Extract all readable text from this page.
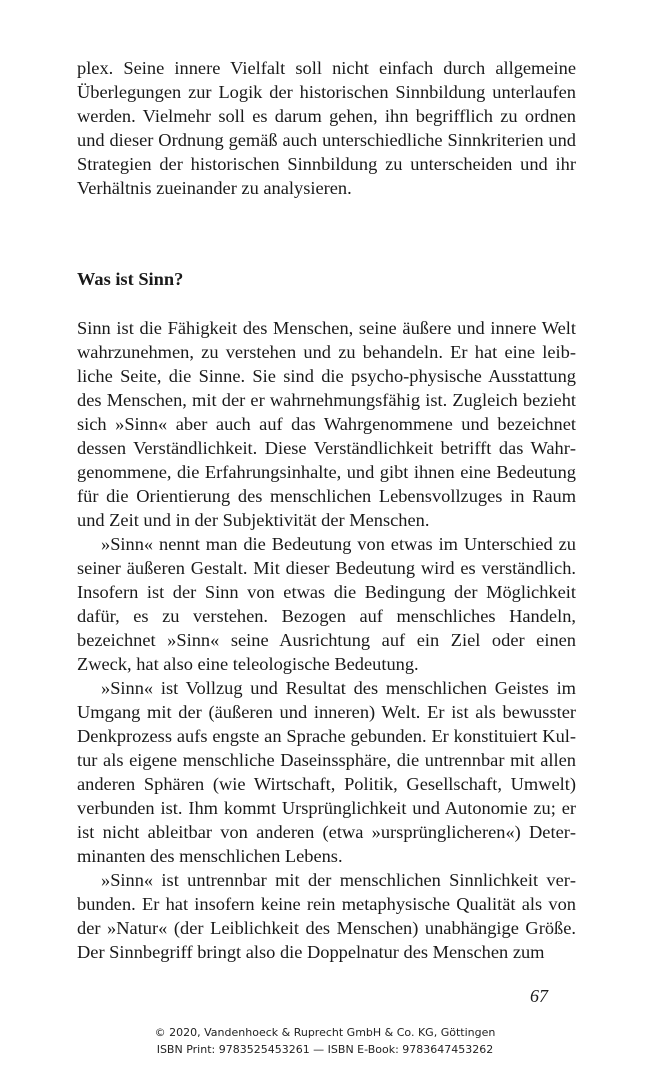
plex. Seine innere Vielfalt soll nicht einfach durch allgemeine Überlegungen zur Logik der historischen Sinnbildung unterlaufen werden. Vielmehr soll es darum gehen, ihn begrifflich zu ordnen und dieser Ordnung gemäß auch unterschiedliche Sinnkriterien und Strategien der historischen Sinnbildung zu unterscheiden und ihr Verhältnis zueinander zu analysieren.

Was ist Sinn?

Sinn ist die Fähigkeit des Menschen, seine äußere und innere Welt wahrzunehmen, zu verstehen und zu behandeln. Er hat eine leibliche Seite, die Sinne. Sie sind die psycho-physische Ausstattung des Menschen, mit der er wahrnehmungsfähig ist. Zugleich bezieht sich »Sinn« aber auch auf das Wahrgenommene und bezeichnet dessen Verständlichkeit. Diese Verständlichkeit betrifft das Wahrgenommene, die Erfahrungsinhalte, und gibt ihnen eine Bedeutung für die Orientierung des menschlichen Lebensvollzuges in Raum und Zeit und in der Subjektivität der Menschen.

»Sinn« nennt man die Bedeutung von etwas im Unterschied zu seiner äußeren Gestalt. Mit dieser Bedeutung wird es verständlich. Insofern ist der Sinn von etwas die Bedingung der Möglichkeit dafür, es zu verstehen. Bezogen auf menschliches Handeln, bezeichnet »Sinn« seine Ausrichtung auf ein Ziel oder einen Zweck, hat also eine teleologische Bedeutung.

»Sinn« ist Vollzug und Resultat des menschlichen Geistes im Umgang mit der (äußeren und inneren) Welt. Er ist als bewusster Denkprozess aufs engste an Sprache gebunden. Er konstituiert Kultur als eigene menschliche Daseinssphäre, die untrennbar mit allen anderen Sphären (wie Wirtschaft, Politik, Gesellschaft, Umwelt) verbunden ist. Ihm kommt Ursprünglichkeit und Autonomie zu; er ist nicht ableitbar von anderen (etwa »ursprünglicheren«) Determinanten des menschlichen Lebens.

»Sinn« ist untrennbar mit der menschlichen Sinnlichkeit verbunden. Er hat insofern keine rein metaphysische Qualität als von der »Natur« (der Leiblichkeit des Menschen) unabhängige Größe. Der Sinnbegriff bringt also die Doppelnatur des Menschen zum

67
© 2020, Vandenhoeck & Ruprecht GmbH & Co. KG, Göttingen
ISBN Print: 9783525453261 — ISBN E-Book: 9783647453262
